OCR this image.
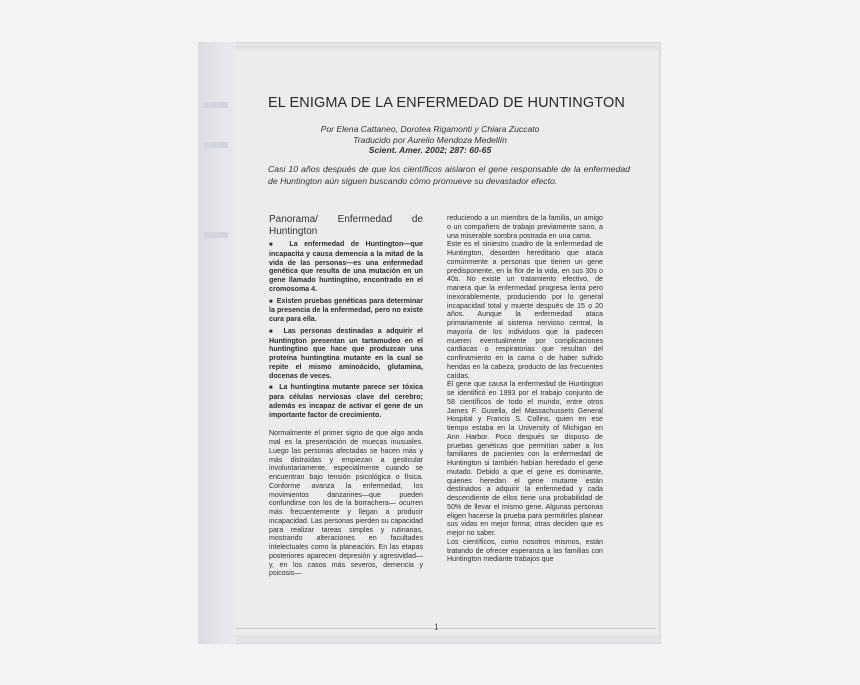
EL ENIGMA DE LA ENFERMEDAD DE HUNTINGTON
Por Elena Cattaneo, Dorotea Rigamonti y Chiara Zuccato
Traducido por Aurelio Mendoza Medellín
Scient. Amer. 2002; 287: 60-65
Casi 10 años después de que los científicos aislaron el gene responsable de la enfermedad de Huntington aún siguen buscando cómo promueve su devastador efecto.
Panorama/ Enfermedad de
Huntington

■  La enfermedad de Huntington—que incapacita y causa demencia a la mitad de la vida de las personas—es una enfermedad genética que resulta de una mutación en un gene llamado huntingtino, encontrado en el cromosoma 4.

■  Existen pruebas genéticas para determinar la presencia de la enfermedad, pero no existe cura para ella.

■  Las personas destinadas a adquirir el Huntington presentan un tartamudeo en el huntingtino que hace que produzcan una proteína huntingtina mutante en la cual se repite el mismo aminoácido, glutamina, docenas de veces.

■  La huntingtina mutante parece ser tóxica para células nerviosas clave del cerebro; además es incapaz de activar el gene de un importante factor de crecimiento.

Normalmente el primer signo de que algo anda mal es la presentación de muecas inusuales. Luego las personas afectadas se hacen más y más distraídas y empiezan a gesticular involuntariamente, especialmente cuando se encuentran bajo tensión psicológica o física. Conforme avanza la enfermedad, los movimientos danzarines—que pueden confundirse con los de la borrachera— ocurren más frecuentemente y llegan a producir incapacidad. Las personas pierden su capacidad para realizar tareas simples y rutinarias, mostrando alteraciones en facultades intelectuales como la planeación. En las etapas posteriores aparecen depresión y agresividad—y, en los casos más severos, demencia y psicosis—

reduciendo a un miembro de la familia, un amigo o un compañero de trabajo previamente sano, a una miserable sombra postrada en una cama.

Este es el siniestro cuadro de la enfermedad de Huntington, desorden hereditario que ataca comúnmente a personas que tienen un gene predisponente, en la flor de la vida, en sus 30s o 40s. No existe un tratamiento efectivo, de manera que la enfermedad progresa lenta pero inexorablemente, produciendo por lo general incapacidad total y muerte después de 15 o 20 años. Aunque la enfermedad ataca primariamente al sistema nervioso central, la mayoría de los individuos que la padecen mueren eventualmente por complicaciones cardiacas o respiratorias que resultan del confinamiento en la cama o de haber sufrido heridas en la cabeza, producto de las frecuentes caídas.

El gene que causa la enfermedad de Huntington se identificó en 1993 por el trabajo conjunto de 58 científicos de todo el mundo, entre otros James F. Gusella, del Massachussets General Hospital y Francis S. Collins, quien en ese tiempo estaba en la University of Michigan en Ann Harbor. Poco después se dispuso de pruebas genéticas que permitían saber a los familiares de pacientes con la enfermedad de Huntington si también habían heredado el gene mutado. Debido a que el gene es dominante, quienes heredan el gene mutante están destinados a adquirir la enfermedad y cada descendiente de ellos tiene una probabilidad de 50% de llevar el mismo gene. Algunas personas eligen hacerse la prueba para permitirles planear sus vidas en mejor forma; otras deciden que es mejor no saber.

Los científicos, como nosotros mismos, están tratando de ofrecer esperanza a las familias con Huntington mediante trabajos que

1
